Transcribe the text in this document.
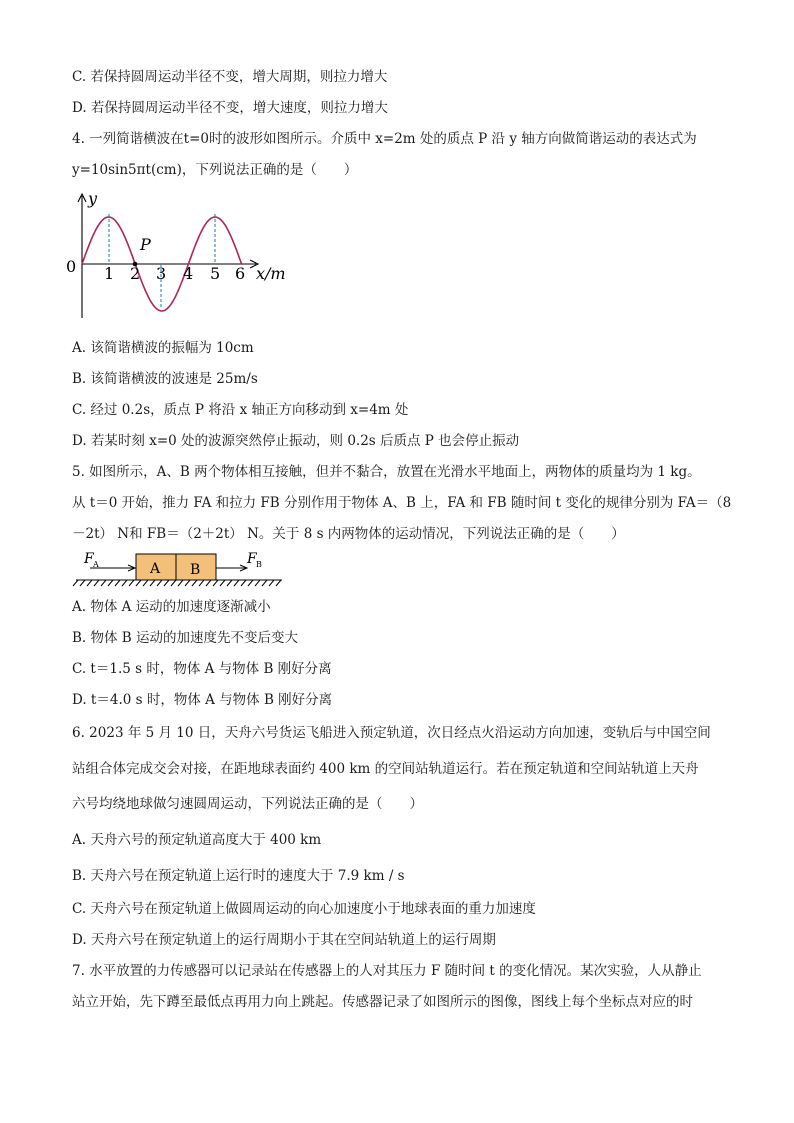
C. 若保持圆周运动半径不变，增大周期，则拉力增大
D. 若保持圆周运动半径不变，增大速度，则拉力增大
4. 一列简谐横波在t=0时的波形如图所示。介质中 x=2m 处的质点 P 沿 y 轴方向做简谐运动的表达式为
y=10sin5πt(cm)，下列说法正确的是（　　）
y
0
P
1 2 3 4 5 6 x/m
A. 该简谐横波的振幅为 10cm
B. 该简谐横波的波速是 25m/s
C. 经过 0.2s，质点 P 将沿 x 轴正方向移动到 x=4m 处
D. 若某时刻 x=0 处的波源突然停止振动，则 0.2s 后质点 P 也会停止振动
5. 如图所示，A、B 两个物体相互接触，但并不黏合，放置在光滑水平地面上，两物体的质量均为 1 kg。
从 t＝0 开始，推力 FA 和拉力 FB 分别作用于物体 A、B 上，FA 和 FB 随时间 t 变化的规律分别为 FA＝（8
－2t） N和 FB＝（2＋2t） N。关于 8 s 内两物体的运动情况，下列说法正确的是（　　）
F A	F B
A B
A. 物体 A 运动的加速度逐渐减小
B. 物体 B 运动的加速度先不变后变大
C. t＝1.5 s 时，物体 A 与物体 B 刚好分离
D. t＝4.0 s 时，物体 A 与物体 B 刚好分离
6. 2023 年 5 月 10 日，天舟六号货运飞船进入预定轨道，次日经点火沿运动方向加速，变轨后与中国空间
站组合体完成交会对接，在距地球表面约 400 km 的空间站轨道运行。若在预定轨道和空间站轨道上天舟
六号均绕地球做匀速圆周运动，下列说法正确的是（　　）
A. 天舟六号的预定轨道高度大于 400 km
B. 天舟六号在预定轨道上运行时的速度大于 7.9 km / s
C. 天舟六号在预定轨道上做圆周运动的向心加速度小于地球表面的重力加速度
D. 天舟六号在预定轨道上的运行周期小于其在空间站轨道上的运行周期
7. 水平放置的力传感器可以记录站在传感器上的人对其压力 F 随时间 t 的变化情况。某次实验，人从静止
站立开始，先下蹲至最低点再用力向上跳起。传感器记录了如图所示的图像，图线上每个坐标点对应的时
